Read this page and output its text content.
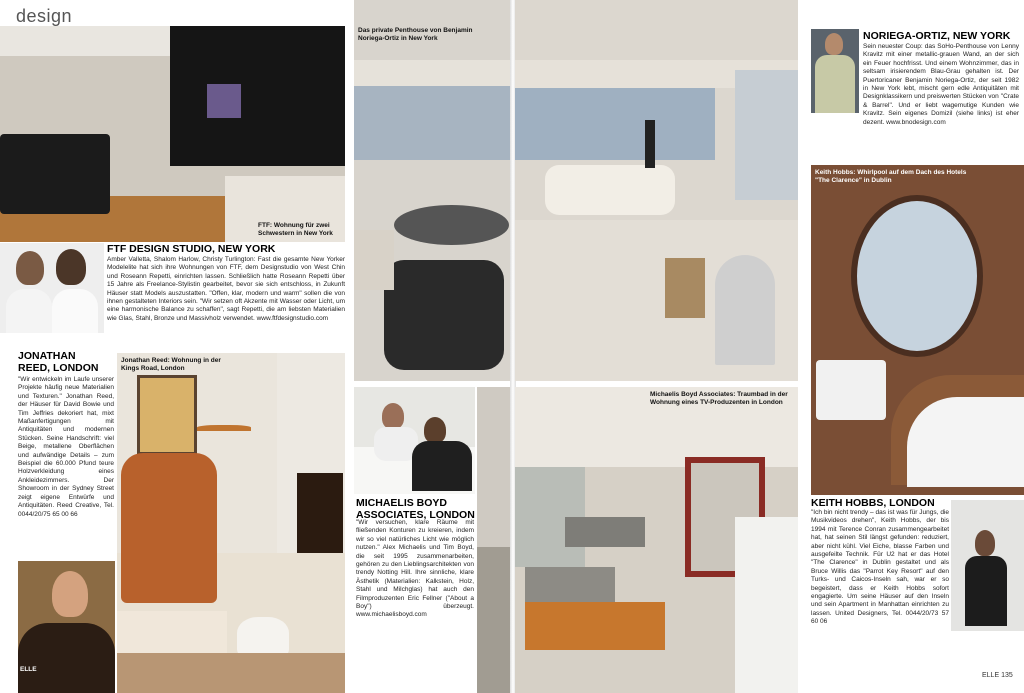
design
FTF: Wohnung für zwei Schwestern in New York
FTF DESIGN STUDIO, NEW YORK
Amber Valletta, Shalom Harlow, Christy Turlington: Fast die gesamte New Yorker Modelelite hat sich ihre Wohnungen von FTF, dem Designstudio von West Chin und Roseann Repetti, einrichten lassen. Schließlich hatte Roseann Repetti über 15 Jahre als Freelance-Stylistin gearbeitet, bevor sie sich entschloss, in Zukunft Häuser statt Models auszustatten. "Offen, klar, modern und warm" sollen die von ihnen gestalteten Interiors sein. "Wir setzen oft Akzente mit Wasser oder Licht, um eine harmonische Balance zu schaffen", sagt Repetti, die am liebsten Materialien wie Glas, Stahl, Bronze und Massivholz verwendet. www.ftfdesignstudio.com
JONATHAN REED, LONDON
"Wir entwickeln im Laufe unserer Projekte häufig neue Materialien und Texturen." Jonathan Reed, der Häuser für David Bowie und Tim Jeffries dekoriert hat, mixt Maßanfertigungen mit Antiquitäten und modernen Stücken. Seine Handschrift: viel Beige, metallene Oberflächen und aufwändige Details – zum Beispiel die 60.000 Pfund teure Holzverkleidung eines Ankleidezimmers. Der Showroom in der Sydney Street zeigt eigene Entwürfe und Antiquitäten. Reed Creative, Tel. 0044/20/75 65 00 66
Jonathan Reed: Wohnung in der Kings Road, London
ELLE
Das private Penthouse von Benjamin Noriega-Ortiz in New York
MICHAELIS BOYD ASSOCIATES, LONDON
"Wir versuchen, klare Räume mit fließenden Konturen zu kreieren, indem wir so viel natürliches Licht wie möglich nutzen." Alex Michaelis und Tim Boyd, die seit 1995 zusammenarbeiten, gehören zu den Lieblingsarchitekten von trendy Notting Hill. Ihre sinnliche, klare Ästhetik (Materialien: Kalkstein, Holz, Stahl und Milchglas) hat auch den Filmproduzenten Eric Fellner ("About a Boy") überzeugt. www.michaelisboyd.com
NORIEGA-ORTIZ, NEW YORK
Sein neuester Coup: das SoHo-Penthouse von Lenny Kravitz mit einer metallic-grauen Wand, an der sich ein Feuer hochfrisst. Und einem Wohnzimmer, das in seltsam irisierendem Blau-Grau gehalten ist. Der Puertoricaner Benjamin Noriega-Ortiz, der seit 1982 in New York lebt, mischt gern edle Antiquitäten mit Designklassikern und preiswerten Stücken von "Crate & Barrel". Und er liebt wagemutige Kunden wie Kravitz. Sein eigenes Domizil (siehe links) ist eher dezent. www.bnodesign.com
Keith Hobbs: Whirlpool auf dem Dach des Hotels "The Clarence" in Dublin
Michaelis Boyd Associates: Traumbad in der Wohnung eines TV-Produzenten in London
KEITH HOBBS, LONDON
"Ich bin nicht trendy – das ist was für Jungs, die Musikvideos drehen", Keith Hobbs, der bis 1994 mit Terence Conran zusammengearbeitet hat, hat seinen Stil längst gefunden: reduziert, aber nicht kühl. Viel Eiche, blasse Farben und ausgefeilte Technik. Für U2 hat er das Hotel "The Clarence" in Dublin gestaltet und als Bruce Willis das "Parrot Key Resort" auf den Turks- und Caicos-Inseln sah, war er so begeistert, dass er Keith Hobbs sofort engagierte. Um seine Häuser auf den Inseln und sein Apartment in Manhattan einrichten zu lassen. United Designers, Tel. 0044/20/73 57 60 06
ELLE 135
